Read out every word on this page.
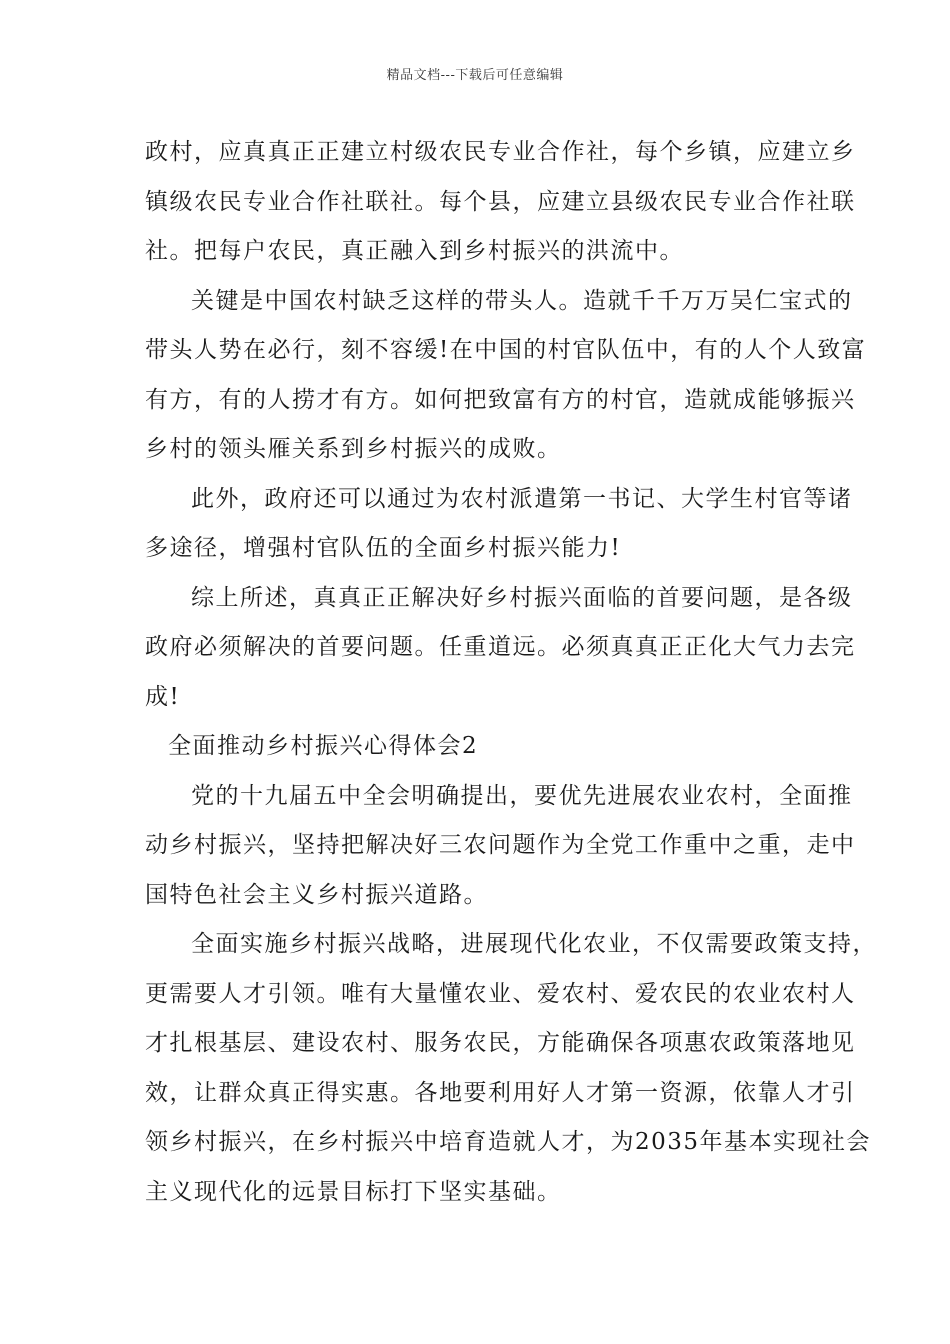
精品文档---下载后可任意编辑

政村，应真真正正建立村级农民专业合作社，每个乡镇，应建立乡
镇级农民专业合作社联社。每个县，应建立县级农民专业合作社联
社。把每户农民，真正融入到乡村振兴的洪流中。

关键是中国农村缺乏这样的带头人。造就千千万万吴仁宝式的
带头人势在必行，刻不容缓!在中国的村官队伍中，有的人个人致富
有方，有的人捞才有方。如何把致富有方的村官，造就成能够振兴
乡村的领头雁关系到乡村振兴的成败。

此外，政府还可以通过为农村派遣第一书记、大学生村官等诸
多途径，增强村官队伍的全面乡村振兴能力!

综上所述，真真正正解决好乡村振兴面临的首要问题，是各级
政府必须解决的首要问题。任重道远。必须真真正正化大气力去完
成!

全面推动乡村振兴心得体会2

党的十九届五中全会明确提出，要优先进展农业农村，全面推
动乡村振兴，坚持把解决好三农问题作为全党工作重中之重，走中
国特色社会主义乡村振兴道路。

全面实施乡村振兴战略，进展现代化农业，不仅需要政策支持，
更需要人才引领。唯有大量懂农业、爱农村、爱农民的农业农村人
才扎根基层、建设农村、服务农民，方能确保各项惠农政策落地见
效，让群众真正得实惠。各地要利用好人才第一资源，依靠人才引
领乡村振兴，在乡村振兴中培育造就人才，为2035年基本实现社会
主义现代化的远景目标打下坚实基础。
